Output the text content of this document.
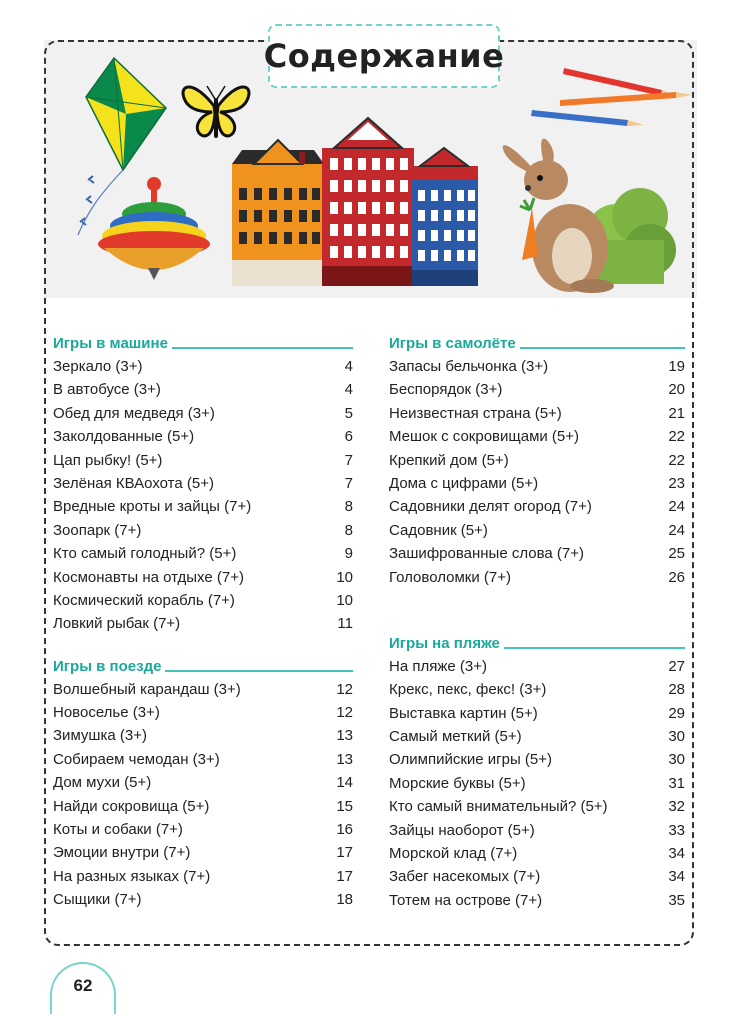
Содержание
Игры в машине
Зеркало (3+)	4
В автобусе (3+)	4
Обед для медведя (3+)	5
Заколдованные (5+)	6
Цап рыбку! (5+)	7
Зелёная КВАохота (5+)	7
Вредные кроты и зайцы (7+)	8
Зоопарк (7+)	8
Кто самый голодный? (5+)	9
Космонавты на отдыхе (7+)	10
Космический корабль (7+)	10
Ловкий рыбак (7+)	11
Игры в поезде
Волшебный карандаш (3+)	12
Новоселье (3+)	12
Зимушка (3+)	13
Собираем чемодан (3+)	13
Дом мухи (5+)	14
Найди сокровища (5+)	15
Коты и собаки (7+)	16
Эмоции внутри (7+)	17
На разных языках (7+)	17
Сыщики (7+)	18
Игры в самолёте
Запасы бельчонка (3+)	19
Беспорядок (3+)	20
Неизвестная страна (5+)	21
Мешок с сокровищами (5+)	22
Крепкий дом (5+)	22
Дома с цифрами (5+)	23
Садовники делят огород (7+)	24
Садовник (5+)	24
Зашифрованные слова (7+)	25
Головоломки (7+)	26
Игры на пляже
На пляже (3+)	27
Крекс, пекс, фекс! (3+)	28
Выставка картин (5+)	29
Самый меткий (5+)	30
Олимпийские игры (5+)	30
Морские буквы (5+)	31
Кто самый внимательный? (5+)	32
Зайцы наоборот (5+)	33
Морской клад (7+)	34
Забег насекомых (7+)	34
Тотем на острове (7+)	35
62
